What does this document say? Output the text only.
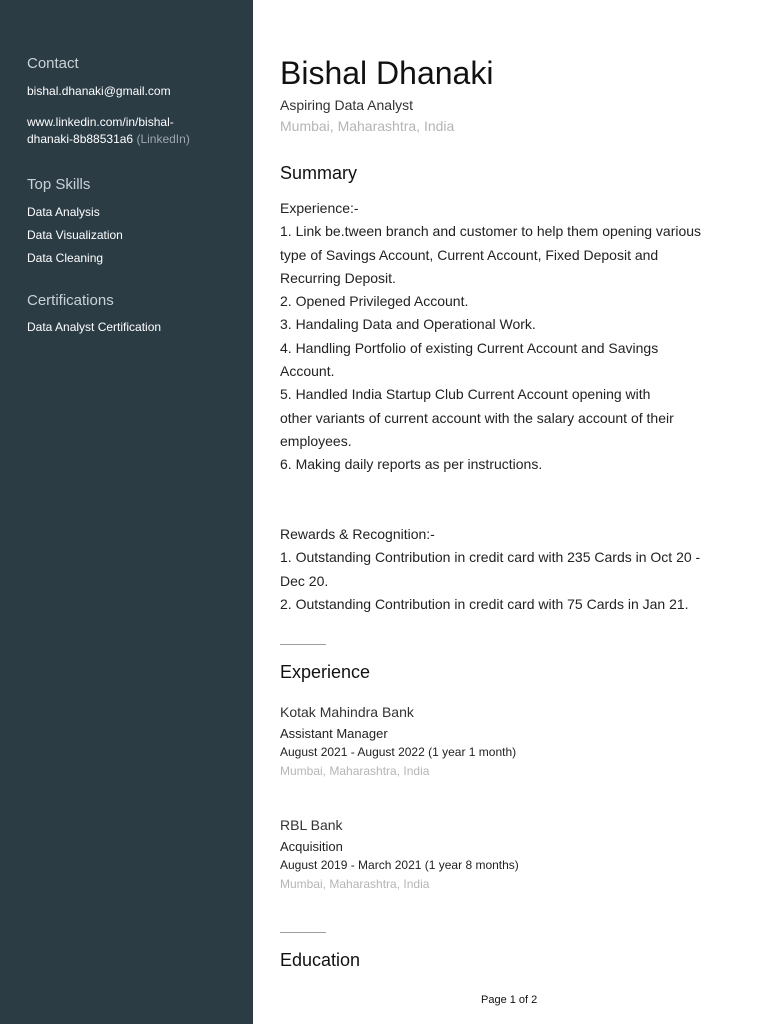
Contact
bishal.dhanaki@gmail.com
www.linkedin.com/in/bishal-
dhanaki-8b88531a6 (LinkedIn)
Top Skills
Data Analysis
Data Visualization
Data Cleaning
Certifications
Data Analyst Certification
Bishal Dhanaki
Aspiring Data Analyst
Mumbai, Maharashtra, India
Summary
Experience:-
1. Link be.tween branch and customer to help them opening various
type of Savings Account, Current Account, Fixed Deposit and
Recurring Deposit.
2. Opened Privileged Account.
3. Handaling Data and Operational Work.
4. Handling Portfolio of existing Current Account and Savings
Account.
5. Handled India Startup Club Current Account opening with
other variants of current account with the salary account of their
employees.
6. Making daily reports as per instructions.
Rewards & Recognition:-
1. Outstanding Contribution in credit card with 235 Cards in Oct 20 -
Dec 20.
2. Outstanding Contribution in credit card with 75 Cards in Jan 21.
Experience
Kotak Mahindra Bank
Assistant Manager
August 2021 - August 2022 (1 year 1 month)
Mumbai, Maharashtra, India
RBL Bank
Acquisition
August 2019 - March 2021 (1 year 8 months)
Mumbai, Maharashtra, India
Education
Page 1 of 2
